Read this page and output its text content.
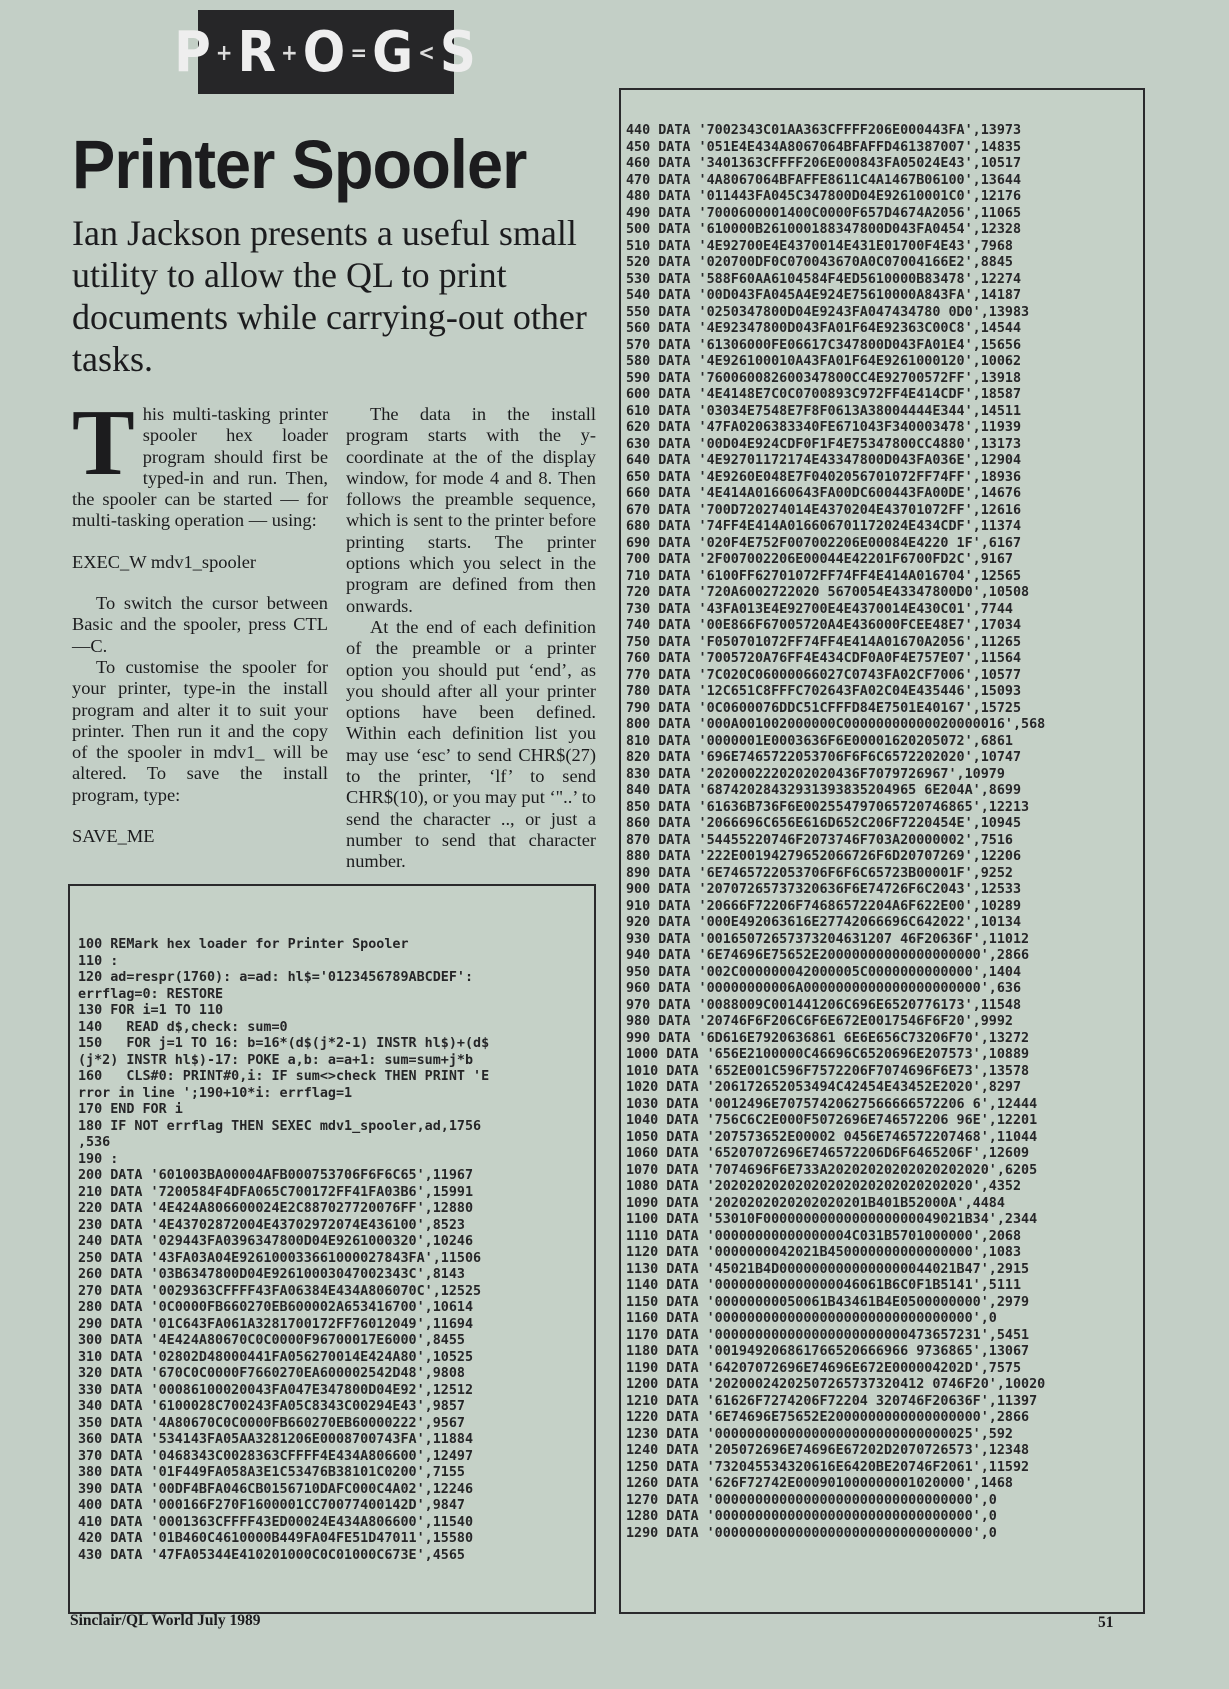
P + R + O = G < S
Printer Spooler
Ian Jackson presents a useful small utility to allow the QL to print documents while carrying-out other tasks.

This multi-tasking printer spooler hex loader program should first be typed-in and run. Then, the spooler can be started — for multi-tasking operation — using:

EXEC_W mdv1_spooler

To switch the cursor between Basic and the spooler, press CTL—C.

To customise the spooler for your printer, type-in the install program and alter it to suit your printer. Then run it and the copy of the spooler in mdv1_ will be altered. To save the install program, type:

SAVE_ME

The data in the install program starts with the y-coordinate at the of the display window, for mode 4 and 8. Then follows the preamble sequence, which is sent to the printer before printing starts. The printer options which you select in the program are defined from then onwards.

At the end of each definition of the preamble or a printer option you should put ‘end’, as you should after all your printer options have been defined. Within each definition list you may use ‘esc’ to send CHR$(27) to the printer, ‘lf’ to send CHR$(10), or you may put ‘"..’ to send the character .., or just a number to send that character number.

100 REMark hex loader for Printer Spooler
110 :
120 ad=respr(1760): a=ad: hl$='0123456789ABCDEF':
errflag=0: RESTORE
130 FOR i=1 TO 110
140   READ d$,check: sum=0
150   FOR j=1 TO 16: b=16*(d$(j*2-1) INSTR hl$)+(d$
(j*2) INSTR hl$)-17: POKE a,b: a=a+1: sum=sum+j*b
160   CLS#0: PRINT#0,i: IF sum<>check THEN PRINT 'E
rror in line ';190+10*i: errflag=1
170 END FOR i
180 IF NOT errflag THEN SEXEC mdv1_spooler,ad,1756
,536
190 :
200 DATA '601003BA00004AFB000753706F6F6C65',11967
210 DATA '7200584F4DFA065C700172FF41FA03B6',15991
220 DATA '4E424A806600024E2C887027720076FF',12880
230 DATA '4E43702872004E43702972074E436100',8523
240 DATA '029443FA0396347800D04E9261000320',10246
250 DATA '43FA03A04E926100033661000027843FA',11506
260 DATA '03B6347800D04E92610003047002343C',8143
270 DATA '0029363CFFFF43FA06384E434A806070C',12525
280 DATA '0C0000FB660270EB600002A653416700',10614
290 DATA '01C643FA061A3281700172FF76012049',11694
300 DATA '4E424A80670C0C0000F96700017E6000',8455
310 DATA '02802D48000441FA056270014E424A80',10525
320 DATA '670C0C0000F7660270EA600002542D48',9808
330 DATA '00086100020043FA047E347800D04E92',12512
340 DATA '6100028C700243FA05C8343C00294E43',9857
350 DATA '4A80670C0C0000FB660270EB60000222',9567
360 DATA '534143FA05AA3281206E0008700743FA',11884
370 DATA '0468343C0028363CFFFF4E434A806600',12497
380 DATA '01F449FA058A3E1C53476B38101C0200',7155
390 DATA '00DF4BFA046CB0156710DAFC000C4A02',12246
400 DATA '000166F270F1600001CC70077400142D',9847
410 DATA '0001363CFFFF43ED00024E434A806600',11540
420 DATA '01B460C4610000B449FA04FE51D47011',15580
430 DATA '47FA05344E410201000C0C01000C673E',4565

440 DATA '7002343C01AA363CFFFF206E000443FA',13973
450 DATA '051E4E434A8067064BFAFFD461387007',14835
460 DATA '3401363CFFFF206E000843FA05024E43',10517
470 DATA '4A8067064BFAFFE8611C4A1467B06100',13644
480 DATA '011443FA045C347800D04E92610001C0',12176
490 DATA '7000600001400C0000F657D4674A2056',11065
500 DATA '610000B261000188347800D043FA0454',12328
510 DATA '4E92700E4E4370014E431E01700F4E43',7968
520 DATA '020700DF0C070043670A0C07004166E2',8845
530 DATA '588F60AA6104584F4ED5610000B83478',12274
540 DATA '00D043FA045A4E924E75610000A843FA',14187
550 DATA '0250347800D04E9243FA047434780 0D0',13983
560 DATA '4E92347800D043FA01F64E92363C00C8',14544
570 DATA '61306000FE06617C347800D043FA01E4',15656
580 DATA '4E926100010A43FA01F64E9261000120',10062
590 DATA '760060082600347800CC4E92700572FF',13918
600 DATA '4E4148E7C0C0700893C972FF4E414CDF',18587
610 DATA '03034E7548E7F8F0613A38004444E344',14511
620 DATA '47FA0206383340FE671043F340003478',11939
630 DATA '00D04E924CDF0F1F4E75347800CC4880',13173
640 DATA '4E92701172174E43347800D043FA036E',12904
650 DATA '4E9260E048E7F0402056701072FF74FF',18936
660 DATA '4E414A01660643FA00DC600443FA00DE',14676
670 DATA '700D720274014E4370204E43701072FF',12616
680 DATA '74FF4E414A016606701172024E434CDF',11374
690 DATA '020F4E752F007002206E00084E4220 1F',6167
700 DATA '2F007002206E00044E42201F6700FD2C',9167
710 DATA '6100FF62701072FF74FF4E414A016704',12565
720 DATA '720A6002722020 5670054E43347800D0',10508
730 DATA '43FA013E4E92700E4E4370014E430C01',7744
740 DATA '00E866F67005720A4E436000FCEE48E7',17034
750 DATA 'F050701072FF74FF4E414A01670A2056',11265
760 DATA '7005720A76FF4E434CDF0A0F4E757E07',11564
770 DATA '7C020C06000066027C0743FA02CF7006',10577
780 DATA '12C651C8FFFC702643FA02C04E435446',15093
790 DATA '0C0600076DDC51CFFFD84E7501E40167',15725
800 DATA '000A001002000000C00000000000020000016',568
810 DATA '0000001E0003636F6E00001620205072',6861
820 DATA '696E7465722053706F6F6C6572202020',10747
830 DATA '2020002220202020436F7079726967',10979
840 DATA '68742028432931393835204965 6E204A',8699
850 DATA '61636B736F6E002554797065720746865',12213
860 DATA '2066696C656E616D652C206F7220454E',10945
870 DATA '54455220746F2073746F703A20000002',7516
880 DATA '222E00194279652066726F6D20707269',12206
890 DATA '6E7465722053706F6F6C65723B00001F',9252
900 DATA '20707265737320636F6E74726F6C2043',12533
910 DATA '20666F72206F74686572204A6F622E00',10289
920 DATA '000E492063616E27742066696C642022',10134
930 DATA '00165072657373204631207 46F20636F',11012
940 DATA '6E74696E75652E20000000000000000000',2866
950 DATA '002C000000042000005C0000000000000',1404
960 DATA '00000000006A0000000000000000000000',636
970 DATA '0088009C001441206C696E6520776173',11548
980 DATA '20746F6F206C6F6E672E0017546F6F20',9992
990 DATA '6D616E7920636861 6E6E656C73206F70',13272
1000 DATA '656E2100000C46696C6520696E207573',10889
1010 DATA '652E001C596F7572206F7074696F6E73',13578
1020 DATA '206172652053494C42454E43452E2020',8297
1030 DATA '0012496E70757420627566666572206 6',12444
1040 DATA '756C6C2E000F5072696E746572206 96E',12201
1050 DATA '207573652E00002 0456E746572207468',11044
1060 DATA '65207072696E746572206D6F6465206F',12609
1070 DATA '7074696F6E733A20202020202020202020',6205
1080 DATA '20202020202020202020202020202020',4352
1090 DATA '2020202020202020201B401B52000A',4484
1100 DATA '53010F0000000000000000000049021B34',2344
1110 DATA '00000000000000004C031B5701000000',2068
1120 DATA '0000000042021B450000000000000000',1083
1130 DATA '45021B4D0000000000000000044021B47',2915
1140 DATA '000000000000000046061B6C0F1B5141',5111
1150 DATA '00000000050061B43461B4E0500000000',2979
1160 DATA '00000000000000000000000000000000',0
1170 DATA '000000000000000000000000473657231',5451
1180 DATA '001949206861766520666966 9736865',13067
1190 DATA '64207072696E74696E672E000004202D',7575
1200 DATA '20200024202507265737320412 0746F20',10020
1210 DATA '61626F7274206F72204 320746F20636F',11397
1220 DATA '6E74696E75652E2000000000000000000',2866
1230 DATA '00000000000000000000000000000025',592
1240 DATA '205072696E74696E67202D2070726573',12348
1250 DATA '732045534320616E6420BE20746F2061',11592
1260 DATA '626F72742E000901000000001020000',1468
1270 DATA '00000000000000000000000000000000',0
1280 DATA '00000000000000000000000000000000',0
1290 DATA '00000000000000000000000000000000',0

Sinclair/QL World July 1989	51
